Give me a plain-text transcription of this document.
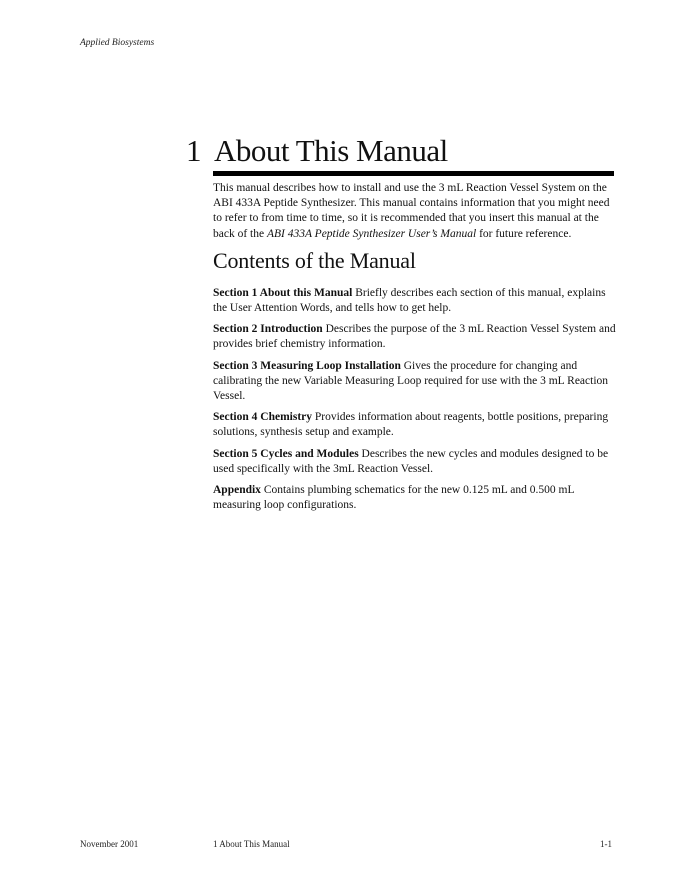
Applied Biosystems
1 About This Manual

This manual describes how to install and use the 3 mL Reaction Vessel System on the ABI 433A Peptide Synthesizer. This manual contains information that you might need to refer to from time to time, so it is recommended that you insert this manual at the back of the ABI 433A Peptide Synthesizer User’s Manual for future reference.

Contents of the Manual

Section 1 About this Manual Briefly describes each section of this manual, explains the User Attention Words, and tells how to get help.

Section 2 Introduction Describes the purpose of the 3 mL Reaction Vessel System and provides brief chemistry information.

Section 3 Measuring Loop Installation Gives the procedure for changing and calibrating the new Variable Measuring Loop required for use with the 3 mL Reaction Vessel.

Section 4 Chemistry Provides information about reagents, bottle positions, preparing solutions, synthesis setup and example.

Section 5 Cycles and Modules Describes the new cycles and modules designed to be used specifically with the 3mL Reaction Vessel.

Appendix Contains plumbing schematics for the new 0.125 mL and 0.500 mL measuring loop configurations.

November 2001	1 About This Manual	1-1
